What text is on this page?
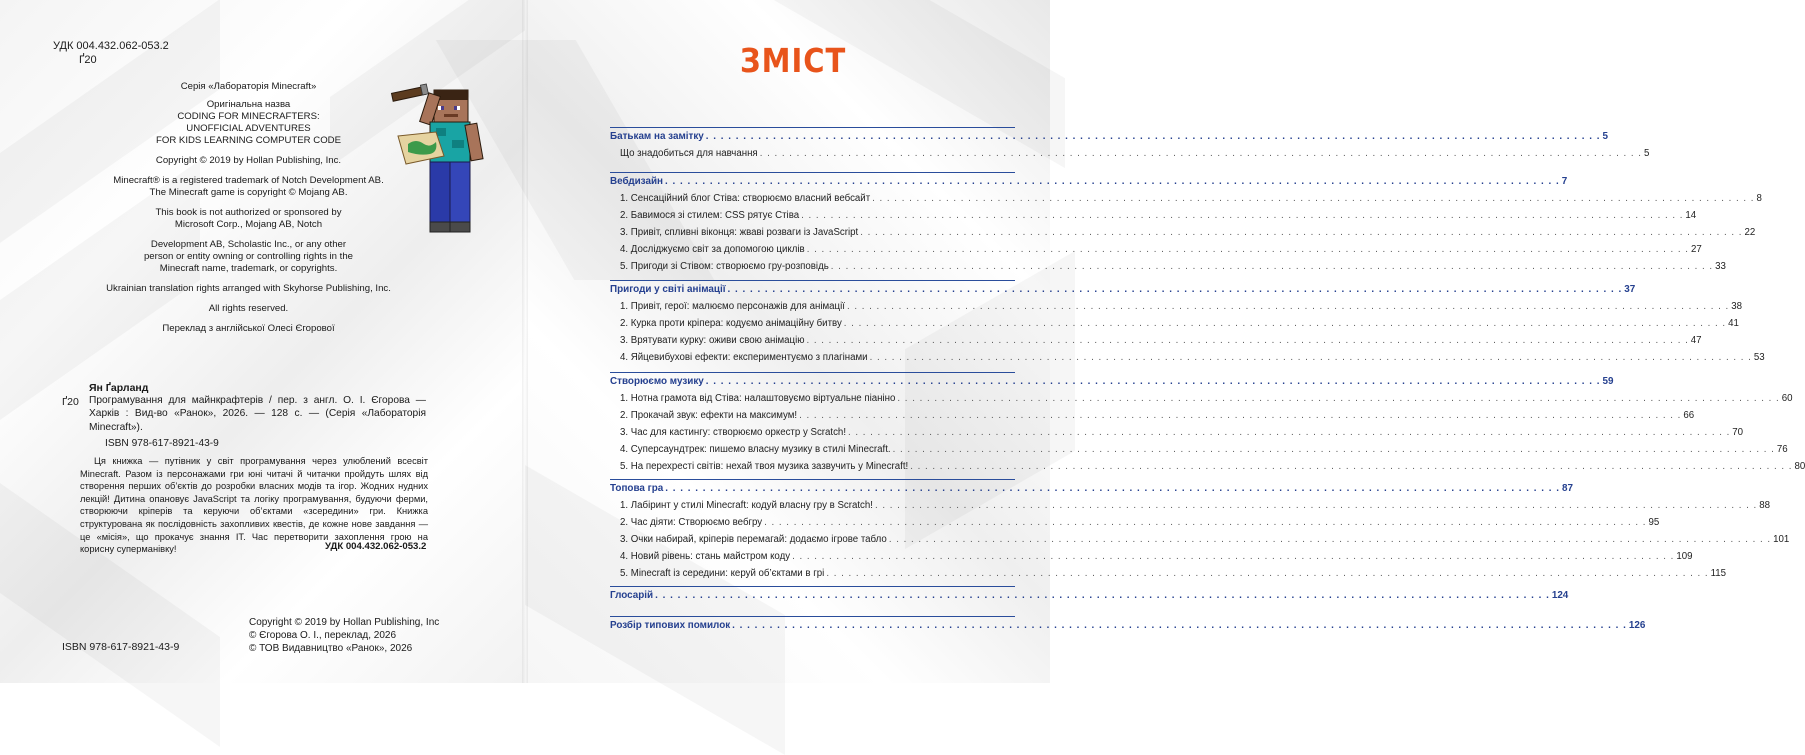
УДК 004.432.062-053.2
Ґ20
Серія «Лабораторія Minecraft»
Оригінальна назва
CODING FOR MINECRAFTERS:
UNOFFICIAL ADVENTURES
FOR KIDS LEARNING COMPUTER CODE
Copyright © 2019 by Hollan Publishing, Inc.
Minecraft® is a registered trademark of Notch Development AB.
The Minecraft game is copyright © Mojang AB.
This book is not authorized or sponsored by
Microsoft Corp., Mojang AB, Notch
Development AB, Scholastic Inc., or any other
person or entity owning or controlling rights in the
Minecraft name, trademark, or copyrights.
Ukrainian translation rights arranged with Skyhorse Publishing, Inc.
All rights reserved.
Переклад з англійської Олесі Єгорової
Ян Ґарланд
Ґ20 Програмування для майнкрафтерів / пер. з англ. О. І. Єгорова — Харків : Вид-во «Ранок», 2026. — 128 с. — (Серія «Лабораторія Minecraft»).
ISBN 978-617-8921-43-9
Ця книжка — путівник у світ програмування через улюблений всесвіт Minecraft. Разом із персонажами гри юні читачі й читачки пройдуть шлях від створення перших об’єктів до розробки власних модів та ігор. Жодних нудних лекцій! Дитина опановує JavaScript та логіку програмування, будуючи ферми, створюючи кріперів та керуючи об’єктами «зсередини» гри. Книжка структурована як послідовність захопливих квестів, де кожне нове завдання — це «місія», що прокачує знання ІТ. Час перетворити захоплення грою на корисну суперманівку!	УДК 004.432.062-053.2
ISBN 978-617-8921-43-9
Copyright © 2019 by Hollan Publishing, Inc
© Єгорова О. І., переклад, 2026
© ТОВ Видавництво «Ранок», 2026
ЗМІСТ
Батькам на замітку . . . . . . . . . . . . . . . . . . . . . . . . . . . . . . . . . . . . . . . . . . . . . . . . . . . . . . . . . . . . . . . . . . . . . . . . . . . . . . . . . . . . . . . . . . . . . . . . . . . . . . . . . . . . . . . . . . . . . . . . 5
Що знадобиться для навчання . . . . . . . . . . . . . . . . . . . . . . . . . . . . . . . . . . . . . . . . . . . . . . . . . . . . . . . . . . . . . . . . . . . . . . . . . . . . . . . . . . . . . . . . . . . . . . . . . . . . . . . . . . . . . . . . . . . . . . . . 5
Вебдизайн . . . . . . . . . . . . . . . . . . . . . . . . . . . . . . . . . . . . . . . . . . . . . . . . . . . . . . . . . . . . . . . . . . . . . . . . . . . . . . . . . . . . . . . . . . . . . . . . . . . . . . . . . . . . . . . . . . . . . . . . 7
1. Сенсаційний блог Стіва: створюємо власний вебсайт . . . . . . . . . . . . . . . . . . . . . . . . . . . . . . . . . . . . . . . . . . . . . . . . . . . . . . . . . . . . . . . . . . . . . . . . . . . . . . . . . . . . . . . . . . . . . . . . . . . . . . . . . . . . . . . . . . . . . . . . 8
2. Бавимося зі стилем: CSS рятує Стіва . . . . . . . . . . . . . . . . . . . . . . . . . . . . . . . . . . . . . . . . . . . . . . . . . . . . . . . . . . . . . . . . . . . . . . . . . . . . . . . . . . . . . . . . . . . . . . . . . . . . . . . . . . . . . . . . . . . . . . . . 14
3. Привіт, спливні віконця: жваві розваги із JavaScript . . . . . . . . . . . . . . . . . . . . . . . . . . . . . . . . . . . . . . . . . . . . . . . . . . . . . . . . . . . . . . . . . . . . . . . . . . . . . . . . . . . . . . . . . . . . . . . . . . . . . . . . . . . . . . . . . . . . . . . . 22
4. Досліджуємо світ за допомогою циклів . . . . . . . . . . . . . . . . . . . . . . . . . . . . . . . . . . . . . . . . . . . . . . . . . . . . . . . . . . . . . . . . . . . . . . . . . . . . . . . . . . . . . . . . . . . . . . . . . . . . . . . . . . . . . . . . . . . . . . . . 27
5. Пригоди зі Стівом: створюємо гру-розповідь . . . . . . . . . . . . . . . . . . . . . . . . . . . . . . . . . . . . . . . . . . . . . . . . . . . . . . . . . . . . . . . . . . . . . . . . . . . . . . . . . . . . . . . . . . . . . . . . . . . . . . . . . . . . . . . . . . . . . . . . 33
Пригоди у світі анімації . . . . . . . . . . . . . . . . . . . . . . . . . . . . . . . . . . . . . . . . . . . . . . . . . . . . . . . . . . . . . . . . . . . . . . . . . . . . . . . . . . . . . . . . . . . . . . . . . . . . . . . . . . . . . . . . . . . . . . . . 37
1. Привіт, герої: малюємо персонажів для анімації . . . . . . . . . . . . . . . . . . . . . . . . . . . . . . . . . . . . . . . . . . . . . . . . . . . . . . . . . . . . . . . . . . . . . . . . . . . . . . . . . . . . . . . . . . . . . . . . . . . . . . . . . . . . . . . . . . . . . . . . 38
2. Курка проти кріпера: кодуємо анімаційну битву . . . . . . . . . . . . . . . . . . . . . . . . . . . . . . . . . . . . . . . . . . . . . . . . . . . . . . . . . . . . . . . . . . . . . . . . . . . . . . . . . . . . . . . . . . . . . . . . . . . . . . . . . . . . . . . . . . . . . . . . 41
3. Врятувати курку: оживи свою анімацію . . . . . . . . . . . . . . . . . . . . . . . . . . . . . . . . . . . . . . . . . . . . . . . . . . . . . . . . . . . . . . . . . . . . . . . . . . . . . . . . . . . . . . . . . . . . . . . . . . . . . . . . . . . . . . . . . . . . . . . . 47
4. Яйцевибухові ефекти: експериментуємо з плагінами . . . . . . . . . . . . . . . . . . . . . . . . . . . . . . . . . . . . . . . . . . . . . . . . . . . . . . . . . . . . . . . . . . . . . . . . . . . . . . . . . . . . . . . . . . . . . . . . . . . . . . . . . . . . . . . . . . . . . . . . 53
Створюємо музику . . . . . . . . . . . . . . . . . . . . . . . . . . . . . . . . . . . . . . . . . . . . . . . . . . . . . . . . . . . . . . . . . . . . . . . . . . . . . . . . . . . . . . . . . . . . . . . . . . . . . . . . . . . . . . . . . . . . . . . . 59
1. Нотна грамота від Стіва: налаштовуємо віртуальне піаніно . . . . . . . . . . . . . . . . . . . . . . . . . . . . . . . . . . . . . . . . . . . . . . . . . . . . . . . . . . . . . . . . . . . . . . . . . . . . . . . . . . . . . . . . . . . . . . . . . . . . . . . . . . . . . . . . . . . . . . . . 60
2. Прокачай звук: ефекти на максимум! . . . . . . . . . . . . . . . . . . . . . . . . . . . . . . . . . . . . . . . . . . . . . . . . . . . . . . . . . . . . . . . . . . . . . . . . . . . . . . . . . . . . . . . . . . . . . . . . . . . . . . . . . . . . . . . . . . . . . . . . 66
3. Час для кастингу: створюємо оркестр у Scratch! . . . . . . . . . . . . . . . . . . . . . . . . . . . . . . . . . . . . . . . . . . . . . . . . . . . . . . . . . . . . . . . . . . . . . . . . . . . . . . . . . . . . . . . . . . . . . . . . . . . . . . . . . . . . . . . . . . . . . . . . 70
4. Суперсаундтрек: пишемо власну музику в стилі Minecraft. . . . . . . . . . . . . . . . . . . . . . . . . . . . . . . . . . . . . . . . . . . . . . . . . . . . . . . . . . . . . . . . . . . . . . . . . . . . . . . . . . . . . . . . . . . . . . . . . . . . . . . . . . . . . . . . . . . . . . . . . 76
5. На перехресті світів: нехай твоя музика зазвучить у Minecraft! . . . . . . . . . . . . . . . . . . . . . . . . . . . . . . . . . . . . . . . . . . . . . . . . . . . . . . . . . . . . . . . . . . . . . . . . . . . . . . . . . . . . . . . . . . . . . . . . . . . . . . . . . . . . . . . . . . . . . . . . 80
Топова гра . . . . . . . . . . . . . . . . . . . . . . . . . . . . . . . . . . . . . . . . . . . . . . . . . . . . . . . . . . . . . . . . . . . . . . . . . . . . . . . . . . . . . . . . . . . . . . . . . . . . . . . . . . . . . . . . . . . . . . . . 87
1. Лабіринт у стилі Minecraft: кодуй власну гру в Scratch! . . . . . . . . . . . . . . . . . . . . . . . . . . . . . . . . . . . . . . . . . . . . . . . . . . . . . . . . . . . . . . . . . . . . . . . . . . . . . . . . . . . . . . . . . . . . . . . . . . . . . . . . . . . . . . . . . . . . . . . . 88
2. Час діяти: Створюємо вебгру . . . . . . . . . . . . . . . . . . . . . . . . . . . . . . . . . . . . . . . . . . . . . . . . . . . . . . . . . . . . . . . . . . . . . . . . . . . . . . . . . . . . . . . . . . . . . . . . . . . . . . . . . . . . . . . . . . . . . . . . 95
3. Очки набирай, кріперів перемагай: додаємо ігрове табло . . . . . . . . . . . . . . . . . . . . . . . . . . . . . . . . . . . . . . . . . . . . . . . . . . . . . . . . . . . . . . . . . . . . . . . . . . . . . . . . . . . . . . . . . . . . . . . . . . . . . . . . . . . . . . . . . . . . . . . . 101
4. Новий рівень: стань майстром коду . . . . . . . . . . . . . . . . . . . . . . . . . . . . . . . . . . . . . . . . . . . . . . . . . . . . . . . . . . . . . . . . . . . . . . . . . . . . . . . . . . . . . . . . . . . . . . . . . . . . . . . . . . . . . . . . . . . . . . . . 109
5. Minecraft із середини: керуй об’єктами в грі . . . . . . . . . . . . . . . . . . . . . . . . . . . . . . . . . . . . . . . . . . . . . . . . . . . . . . . . . . . . . . . . . . . . . . . . . . . . . . . . . . . . . . . . . . . . . . . . . . . . . . . . . . . . . . . . . . . . . . . . 115
Глосарій . . . . . . . . . . . . . . . . . . . . . . . . . . . . . . . . . . . . . . . . . . . . . . . . . . . . . . . . . . . . . . . . . . . . . . . . . . . . . . . . . . . . . . . . . . . . . . . . . . . . . . . . . . . . . . . . . . . . . . . . 124
Розбір типових помилок . . . . . . . . . . . . . . . . . . . . . . . . . . . . . . . . . . . . . . . . . . . . . . . . . . . . . . . . . . . . . . . . . . . . . . . . . . . . . . . . . . . . . . . . . . . . . . . . . . . . . . . . . . . . . . . . . . . . . . . . 126
